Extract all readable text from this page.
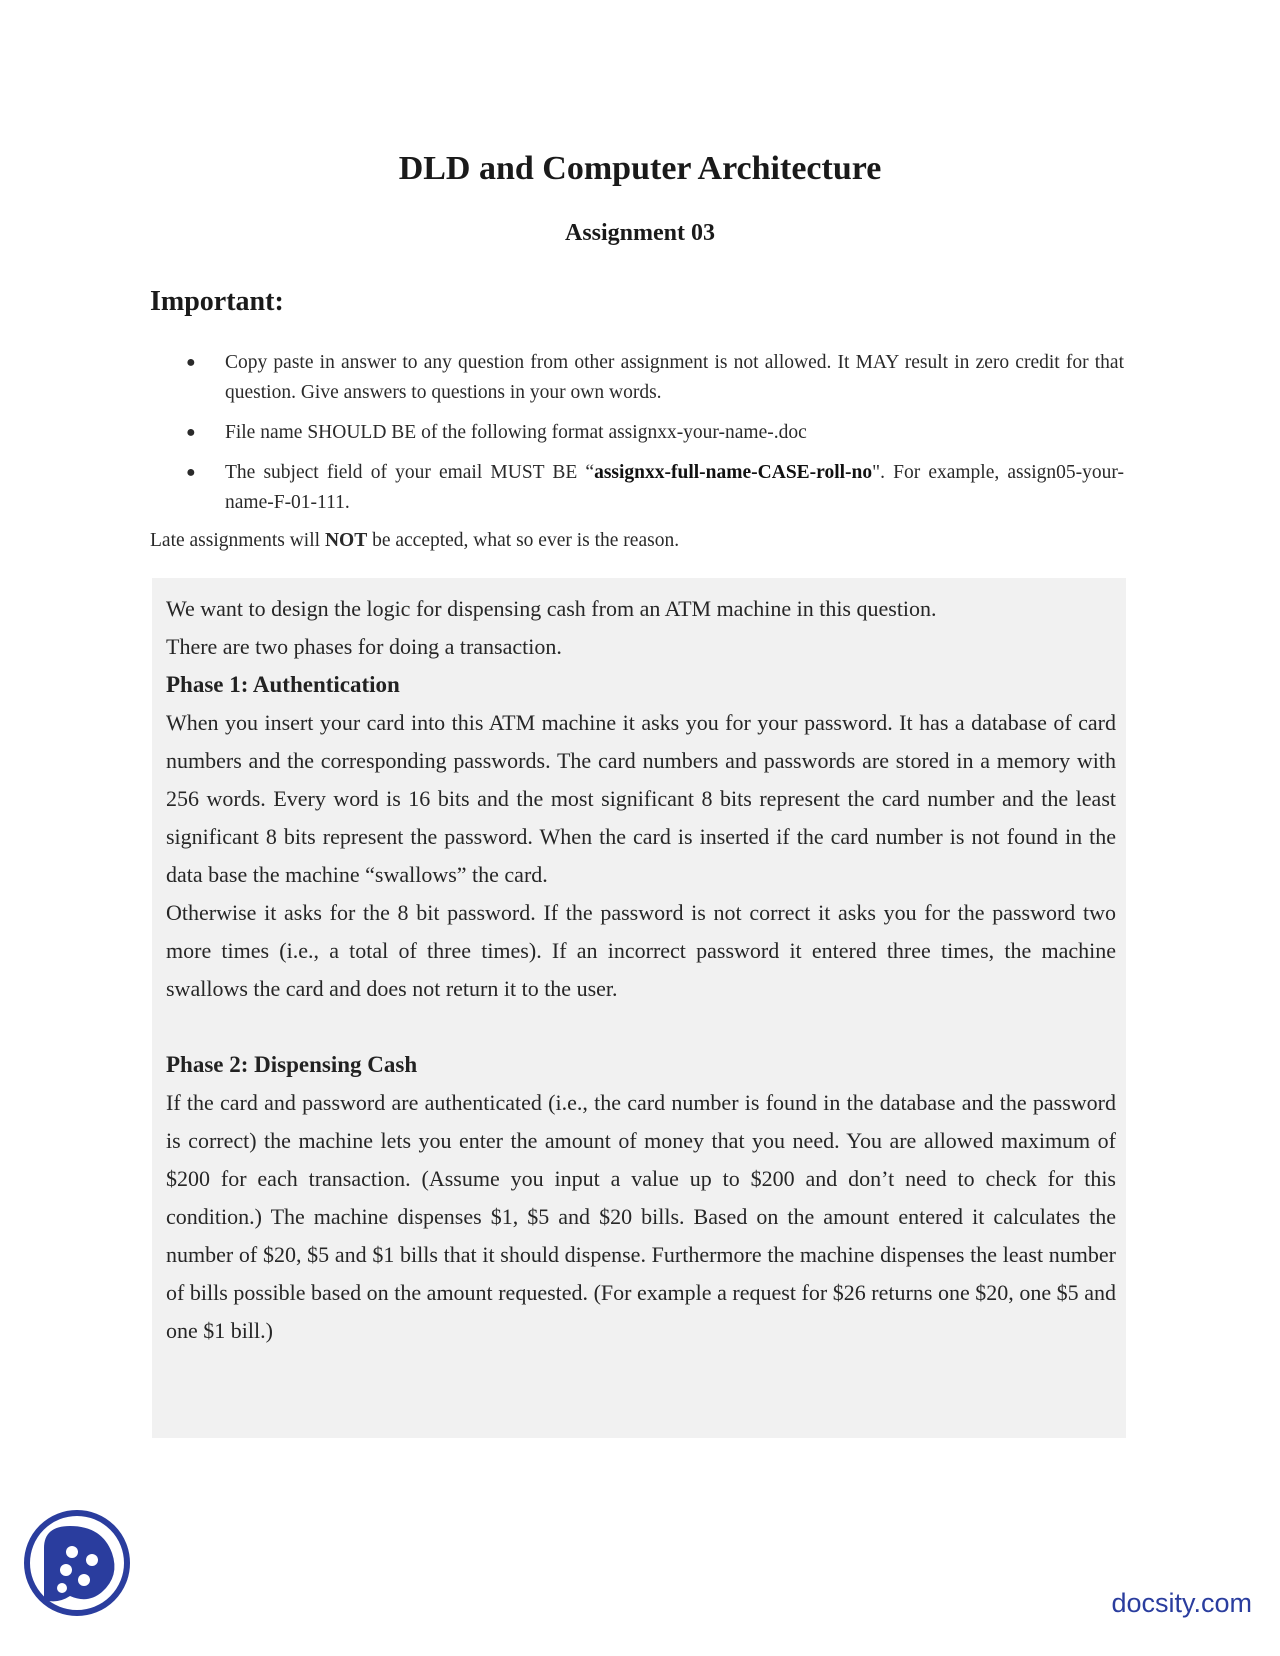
DLD and Computer Architecture
Assignment 03
Important:
● Copy paste in answer to any question from other assignment is not allowed. It MAY result in zero credit for that question. Give answers to questions in your own words.
● File name SHOULD BE of the following format assignxx-your-name-.doc
● The subject field of your email MUST BE “assignxx-full-name-CASE-roll-no". For example, assign05-your-name-F-01-111.

Late assignments will NOT be accepted, what so ever is the reason.

We want to design the logic for dispensing cash from an ATM machine in this question.

There are two phases for doing a transaction.

Phase 1: Authentication

When you insert your card into this ATM machine it asks you for your password. It has a database of card numbers and the corresponding passwords. The card numbers and passwords are stored in a memory with 256 words. Every word is 16 bits and the most significant 8 bits represent the card number and the least significant 8 bits represent the password. When the card is inserted if the card number is not found in the data base the machine “swallows” the card.

Otherwise it asks for the 8 bit password. If the password is not correct it asks you for the password two more times (i.e., a total of three times). If an incorrect password it entered three times, the machine swallows the card and does not return it to the user.

Phase 2: Dispensing Cash

If the card and password are authenticated (i.e., the card number is found in the database and the password is correct) the machine lets you enter the amount of money that you need. You are allowed maximum of $200 for each transaction. (Assume you input a value up to $200 and don’t need to check for this condition.) The machine dispenses $1, $5 and $20 bills. Based on the amount entered it calculates the number of $20, $5 and $1 bills that it should dispense. Furthermore the machine dispenses the least number of bills possible based on the amount requested. (For example a request for $26 returns one $20, one $5 and one $1 bill.)

docsity.com
